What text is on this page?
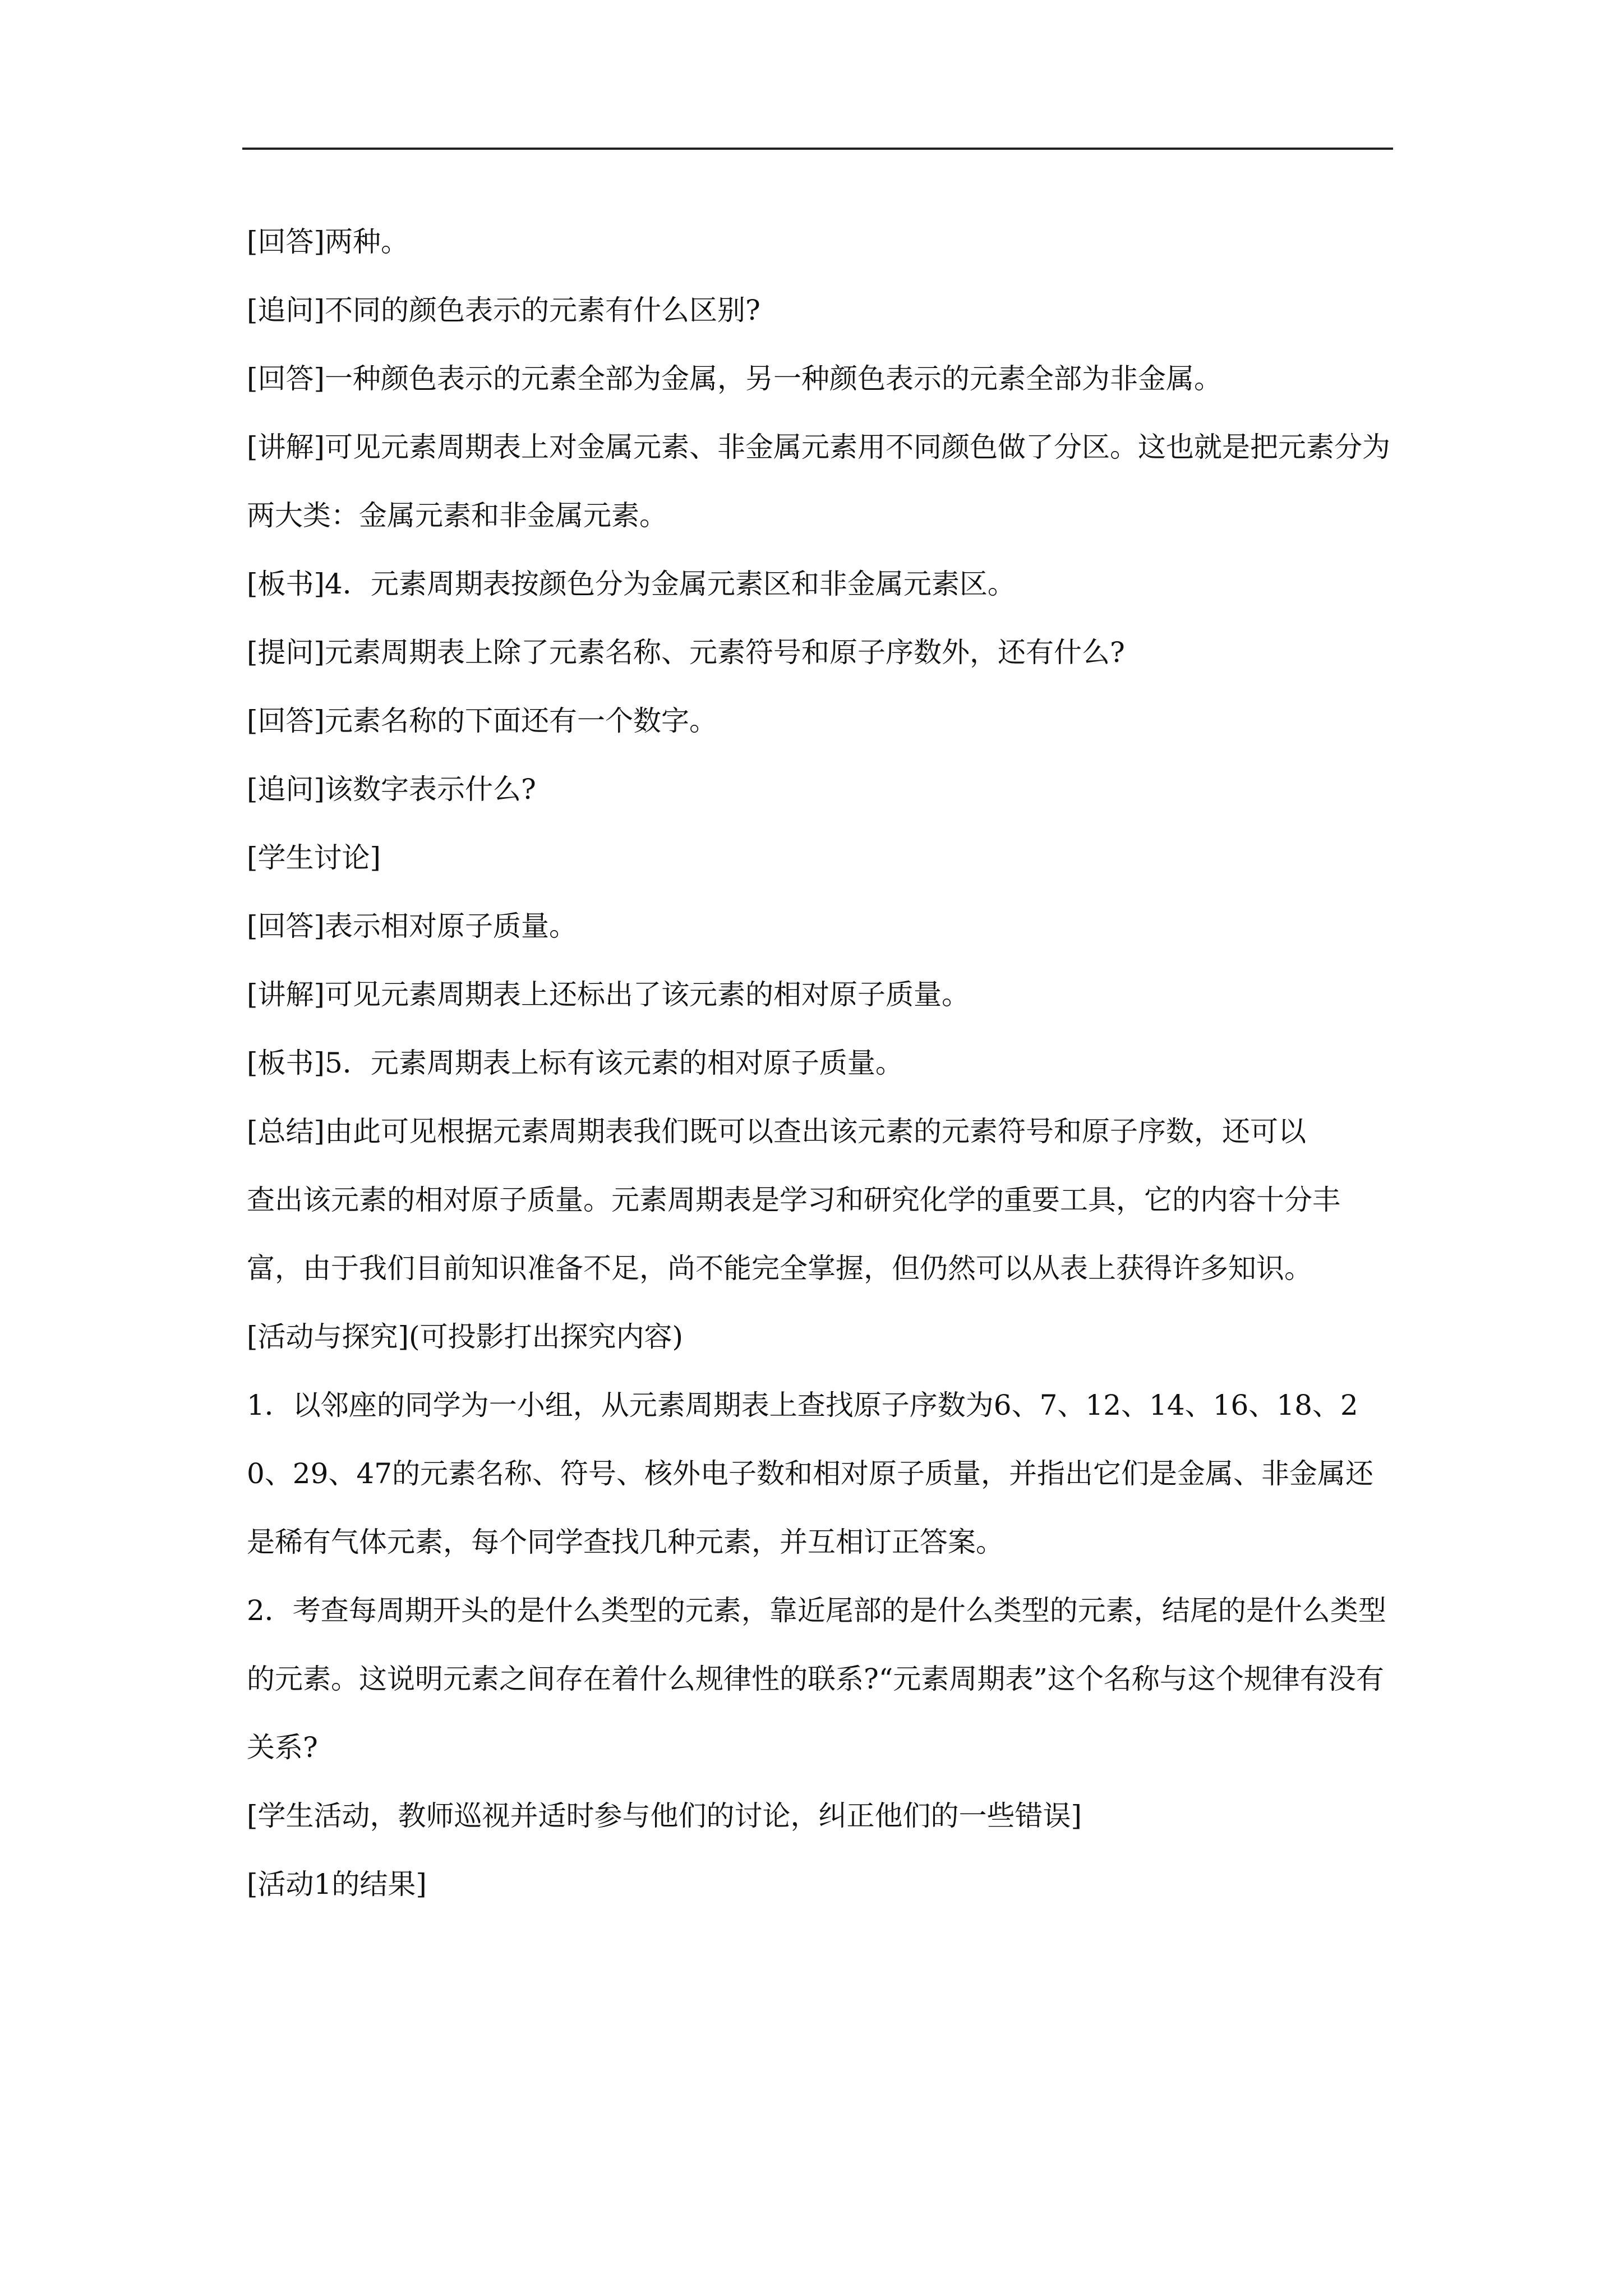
[回答]两种。

[追问]不同的颜色表示的元素有什么区别?

[回答]一种颜色表示的元素全部为金属，另一种颜色表示的元素全部为非金属。

[讲解]可见元素周期表上对金属元素、非金属元素用不同颜色做了分区。这也就是把元素分为两大类：金属元素和非金属元素。

[板书]4．元素周期表按颜色分为金属元素区和非金属元素区。

[提问]元素周期表上除了元素名称、元素符号和原子序数外，还有什么?

[回答]元素名称的下面还有一个数字。

[追问]该数字表示什么?

[学生讨论]

[回答]表示相对原子质量。

[讲解]可见元素周期表上还标出了该元素的相对原子质量。

[板书]5．元素周期表上标有该元素的相对原子质量。

[总结]由此可见根据元素周期表我们既可以查出该元素的元素符号和原子序数，还可以

查出该元素的相对原子质量。元素周期表是学习和研究化学的重要工具，它的内容十分丰富，由于我们目前知识准备不足，尚不能完全掌握，但仍然可以从表上获得许多知识。

[活动与探究](可投影打出探究内容)

1．以邻座的同学为一小组，从元素周期表上查找原子序数为6、7、12、14、16、18、20、29、47的元素名称、符号、核外电子数和相对原子质量，并指出它们是金属、非金属还是稀有气体元素，每个同学查找几种元素，并互相订正答案。

2．考查每周期开头的是什么类型的元素，靠近尾部的是什么类型的元素，结尾的是什么类型的元素。这说明元素之间存在着什么规律性的联系?“元素周期表”这个名称与这个规律有没有关系?

[学生活动，教师巡视并适时参与他们的讨论，纠正他们的一些错误]

[活动1的结果]
